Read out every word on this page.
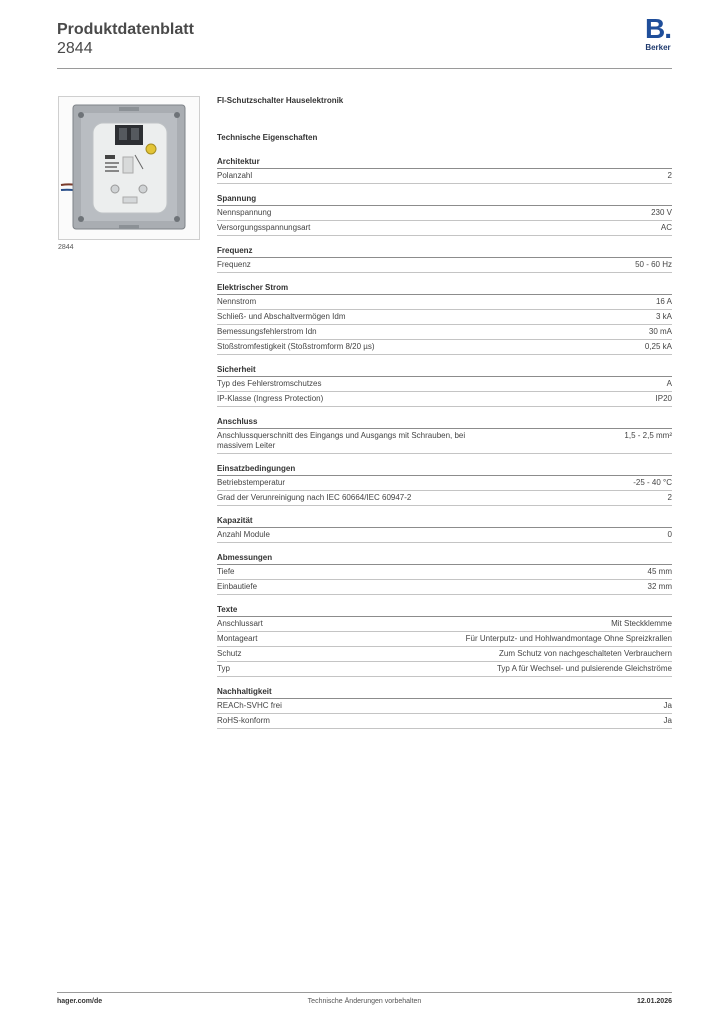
Produktdatenblatt
2844
B.
Berker
2844
FI-Schutzschalter Hauselektronik
Technische Eigenschaften
Architektur
Polanzahl	2
Spannung
Nennspannung	230 V
Versorgungsspannungsart	AC
Frequenz
Frequenz	50 - 60 Hz
Elektrischer Strom
Nennstrom	16 A
Schließ- und Abschaltvermögen Idm	3 kA
Bemessungsfehlerstrom Idn	30 mA
Stoßstromfestigkeit (Stoßstromform 8/20 µs)	0,25 kA
Sicherheit
Typ des Fehlerstromschutzes	A
IP-Klasse (Ingress Protection)	IP20
Anschluss
Anschlussquerschnitt des Eingangs und Ausgangs mit Schrauben, bei massivem Leiter
1,5 - 2,5 mm²
Einsatzbedingungen
Betriebstemperatur	-25 - 40 °C
Grad der Verunreinigung nach IEC 60664/IEC 60947-2	2
Kapazität
Anzahl Module	0
Abmessungen
Tiefe	45 mm
Einbautiefe	32 mm
Texte
Anschlussart	Mit Steckklemme
Montageart	Für Unterputz- und Hohlwandmontage Ohne Spreizkrallen
Schutz	Zum Schutz von nachgeschalteten Verbrauchern
Typ	Typ A für Wechsel- und pulsierende Gleichströme
Nachhaltigkeit
REACh-SVHC frei	Ja
RoHS-konform	Ja
hager.com/de	Technische Änderungen vorbehalten	12.01.2026
